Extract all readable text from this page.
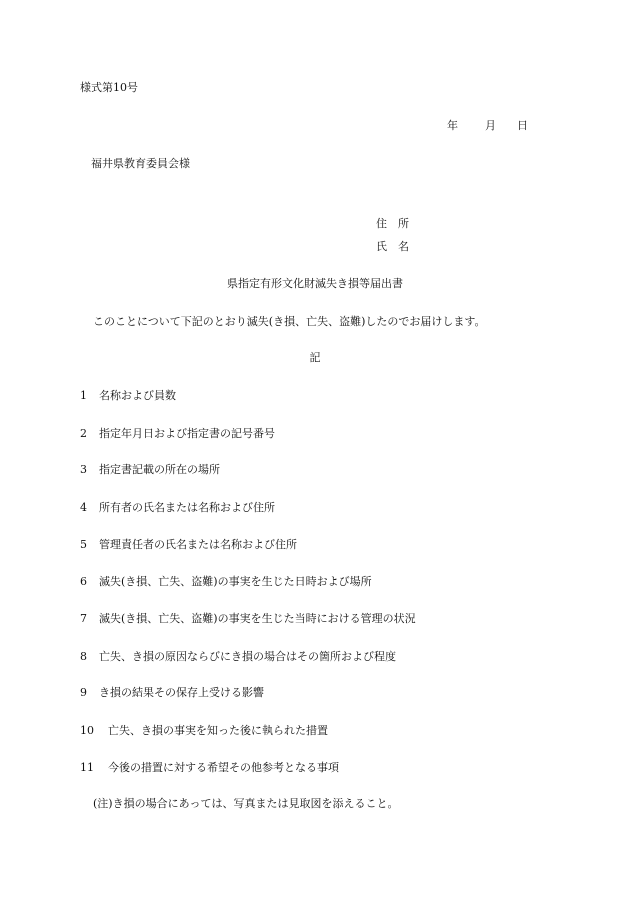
様式第10号
年 月 日
福井県教育委員会様
住　所
氏　名
県指定有形文化財滅失き損等届出書
このことについて下記のとおり滅失(き損、亡失、盗難)したのでお届けします。
記
1 名称および員数
2 指定年月日および指定書の記号番号
3 指定書記載の所在の場所
4 所有者の氏名または名称および住所
5 管理責任者の氏名または名称および住所
6 滅失(き損、亡失、盗難)の事実を生じた日時および場所
7 滅失(き損、亡失、盗難)の事実を生じた当時における管理の状況
8 亡失、き損の原因ならびにき損の場合はその箇所および程度
9 き損の結果その保存上受ける影響
10 亡失、き損の事実を知った後に執られた措置
11 今後の措置に対する希望その他参考となる事項
(注)き損の場合にあっては、写真または見取図を添えること。
